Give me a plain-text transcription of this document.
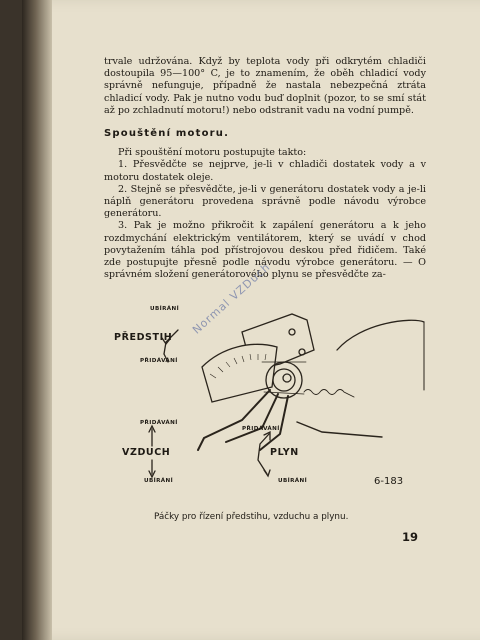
trvale udržována. Když by teplota vody při odkrytém chladiči dostoupila 95—100° C, je to znamením, že oběh chladicí vody správně nefunguje, případně že nastala nebezpečná ztráta chladicí vody. Pak je nutno vodu buď doplnit (pozor, to se smí stát až po zchladnutí motoru!) nebo odstranit vadu na vodní pumpě.

Spouštění motoru.

Při spouštění motoru postupujte takto:

1. Přesvědčte se nejprve, je-li v chladiči dostatek vody a v motoru dostatek oleje.

2. Stejně se přesvědčte, je-li v generátoru dostatek vody a je-li náplň generátoru provedena správně podle návodu výrobce generátoru.

3. Pak je možno přikročit k zapálení generátoru a k jeho rozdmychání elektrickým ventilátorem, který se uvádí v chod povytažením táhla pod přístrojovou deskou před řidičem. Také zde postupujte přesně podle návodu výrobce generátoru. — O správném složení generátorového plynu se přesvědčte za-

Normal VZDuch
UBÍRÁNÍ
PŘEDSTIH
PŘIDÁVÁNÍ
PŘIDÁVÁNÍ
VZDUCH
UBÍRÁNÍ
PŘIDÁVÁNÍ
PLYN
UBÍRÁNÍ	6-183
Páčky pro řízení předstihu, vzduchu a plynu.
19
